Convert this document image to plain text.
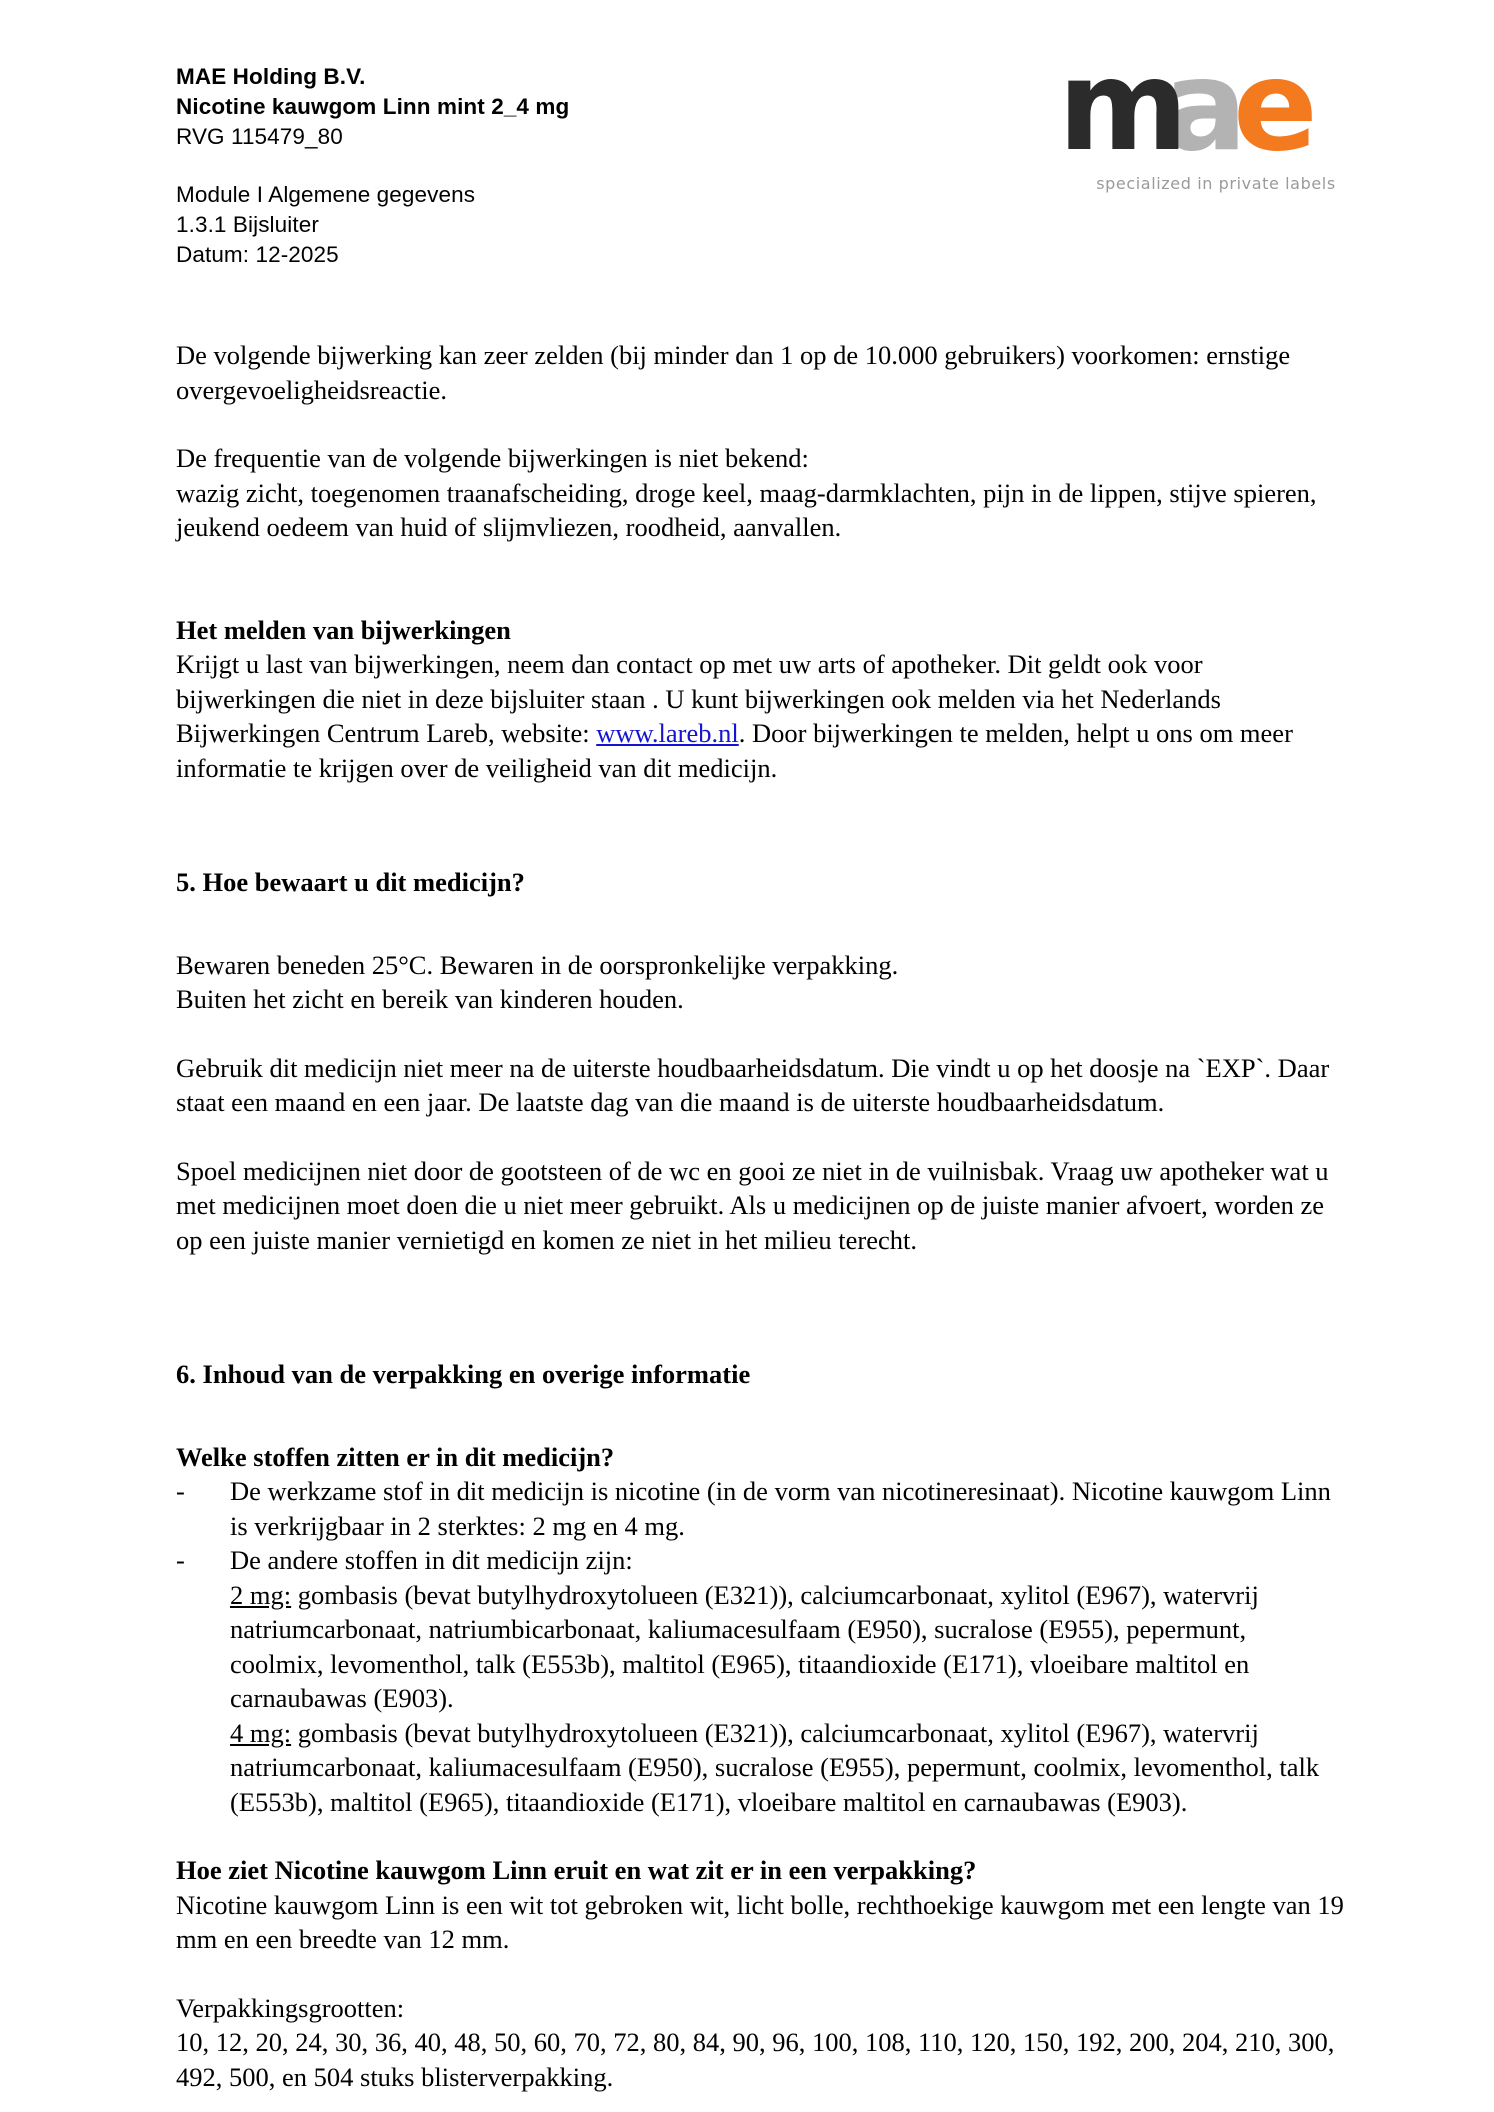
MAE Holding B.V.
Nicotine kauwgom Linn mint 2_4 mg
RVG 115479_80
Module I Algemene gegevens
1.3.1 Bijsluiter
Datum: 12-2025
m
a
e
specialized in private labels

De volgende bijwerking kan zeer zelden (bij minder dan 1 op de 10.000 gebruikers) voorkomen: ernstige overgevoeligheidsreactie.

De frequentie van de volgende bijwerkingen is niet bekend:

wazig zicht, toegenomen traanafscheiding, droge keel, maag-darmklachten, pijn in de lippen, stijve spieren, jeukend oedeem van huid of slijmvliezen, roodheid, aanvallen.

Het melden van bijwerkingen

Krijgt u last van bijwerkingen, neem dan contact op met uw arts of apotheker. Dit geldt ook voor bijwerkingen die niet in deze bijsluiter staan . U kunt bijwerkingen ook melden via het Nederlands Bijwerkingen Centrum Lareb, website: www.lareb.nl. Door bijwerkingen te melden, helpt u ons om meer informatie te krijgen over de veiligheid van dit medicijn.

5. Hoe bewaart u dit medicijn?

Bewaren beneden 25°C. Bewaren in de oorspronkelijke verpakking.

Buiten het zicht en bereik van kinderen houden.

Gebruik dit medicijn niet meer na de uiterste houdbaarheidsdatum. Die vindt u op het doosje na `EXP`. Daar staat een maand en een jaar. De laatste dag van die maand is de uiterste houdbaarheidsdatum.

Spoel medicijnen niet door de gootsteen of de wc en gooi ze niet in de vuilnisbak. Vraag uw apotheker wat u met medicijnen moet doen die u niet meer gebruikt. Als u medicijnen op de juiste manier afvoert, worden ze op een juiste manier vernietigd en komen ze niet in het milieu terecht.

6. Inhoud van de verpakking en overige informatie
Welke stoffen zitten er in dit medicijn?
- De werkzame stof in dit medicijn is nicotine (in de vorm van nicotineresinaat). Nicotine kauwgom Linn is verkrijgbaar in 2 sterktes: 2 mg en 4 mg.
- De andere stoffen in dit medicijn zijn:

2 mg: gombasis (bevat butylhydroxytolueen (E321)), calciumcarbonaat, xylitol (E967), watervrij natriumcarbonaat, natriumbicarbonaat, kaliumacesulfaam (E950), sucralose (E955), pepermunt, coolmix, levomenthol, talk (E553b), maltitol (E965), titaandioxide (E171), vloeibare maltitol en carnaubawas (E903).

4 mg: gombasis (bevat butylhydroxytolueen (E321)), calciumcarbonaat, xylitol (E967), watervrij natriumcarbonaat, kaliumacesulfaam (E950), sucralose (E955), pepermunt, coolmix, levomenthol, talk (E553b), maltitol (E965), titaandioxide (E171), vloeibare maltitol en carnaubawas (E903).

Hoe ziet Nicotine kauwgom Linn eruit en wat zit er in een verpakking?

Nicotine kauwgom Linn is een wit tot gebroken wit, licht bolle, rechthoekige kauwgom met een lengte van 19 mm en een breedte van 12 mm.

Verpakkingsgrootten:

10, 12, 20, 24, 30, 36, 40, 48, 50, 60, 70, 72, 80, 84, 90, 96, 100, 108, 110, 120, 150, 192, 200, 204, 210, 300, 492, 500, en 504 stuks blisterverpakking.
